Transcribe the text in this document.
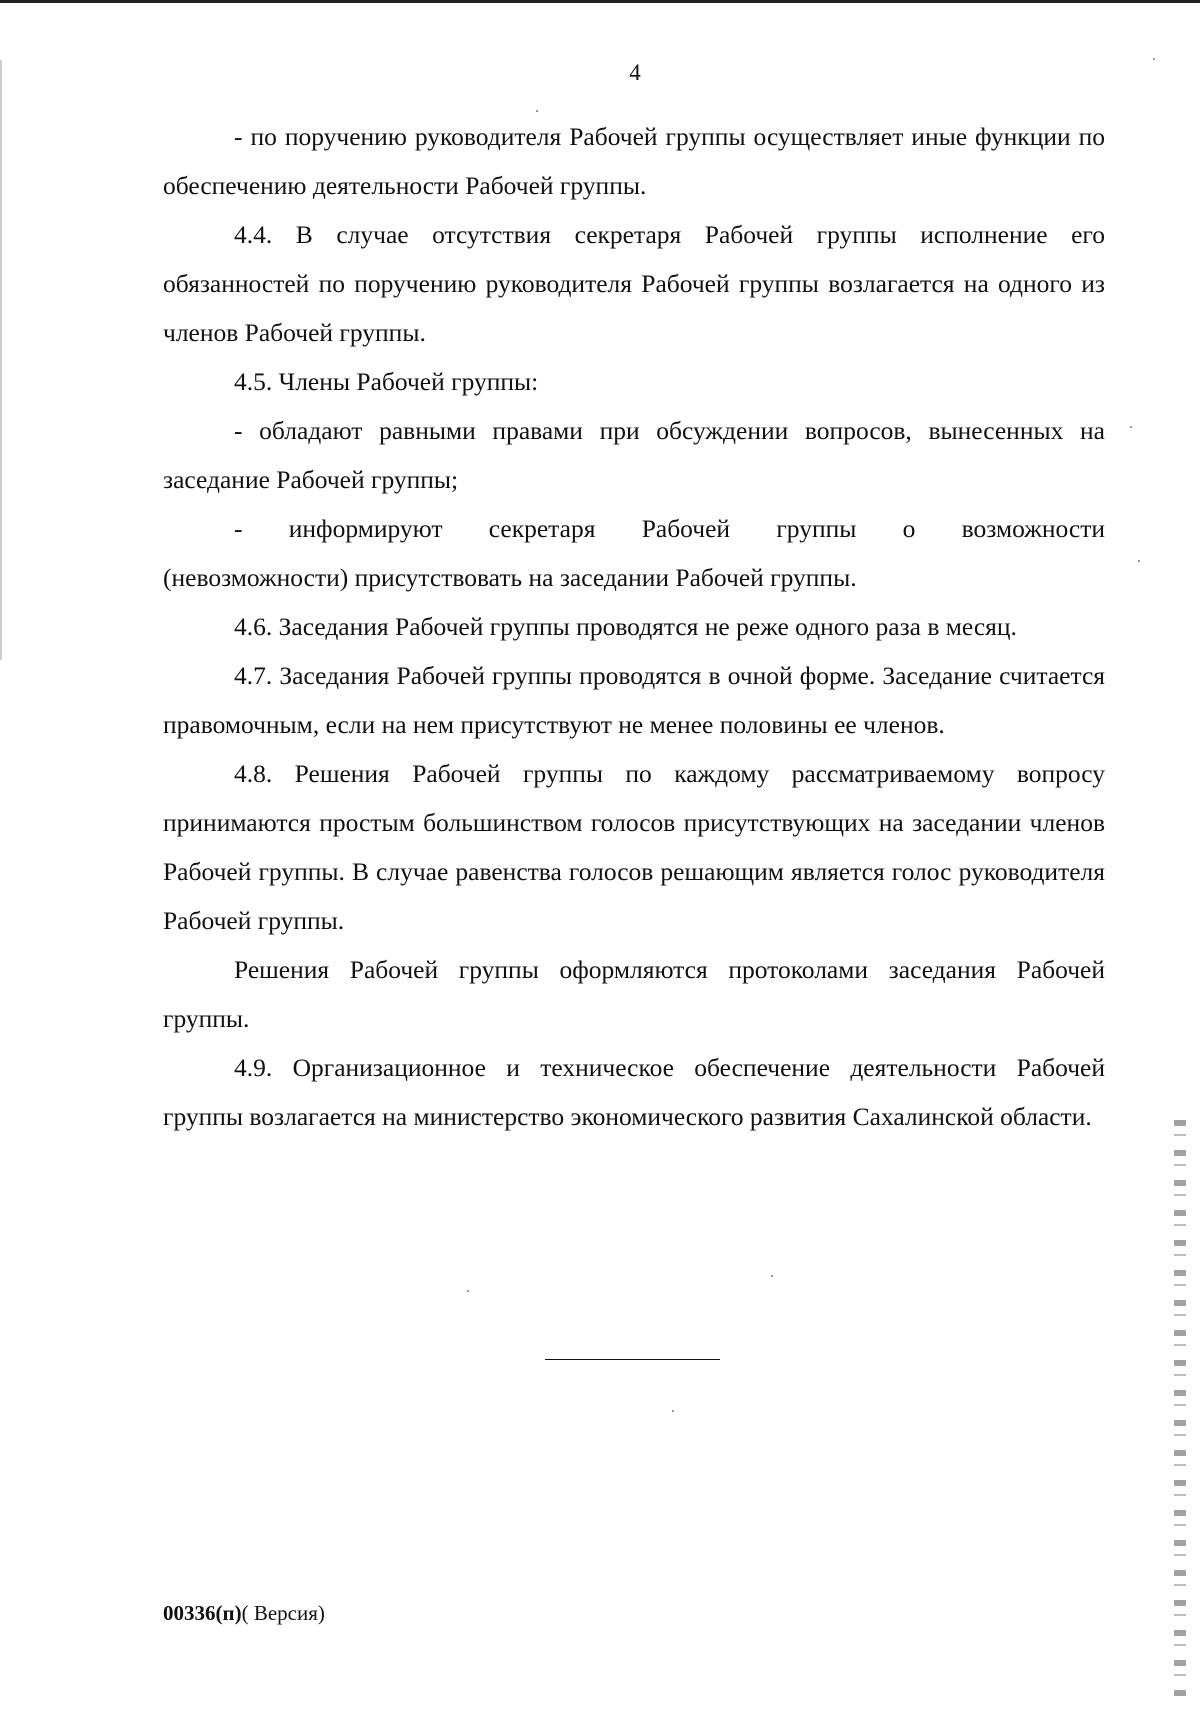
4

- по поручению руководителя Рабочей группы осуществляет иные функции по обеспечению деятельности Рабочей группы.

4.4. В случае отсутствия секретаря Рабочей группы исполнение его обязанностей по поручению руководителя Рабочей группы возлагается на одного из членов Рабочей группы.

4.5. Члены Рабочей группы:

- обладают равными правами при обсуждении вопросов, вынесенных на заседание Рабочей группы;

- информируют секретаря Рабочей группы о возможности
(невозможности) присутствовать на заседании Рабочей группы.

4.6. Заседания Рабочей группы проводятся не реже одного раза в месяц.

4.7. Заседания Рабочей группы проводятся в очной форме. Заседание считается правомочным, если на нем присутствуют не менее половины ее членов.

4.8. Решения Рабочей группы по каждому рассматриваемому вопросу принимаются простым большинством голосов присутствующих на заседании членов Рабочей группы. В случае равенства голосов решающим является голос руководителя Рабочей группы.

Решения Рабочей группы оформляются протоколами заседания Рабочей группы.

4.9. Организационное и техническое обеспечение деятельности Рабочей группы возлагается на министерство экономического развития Сахалинской области.

00336(п)( Версия)
